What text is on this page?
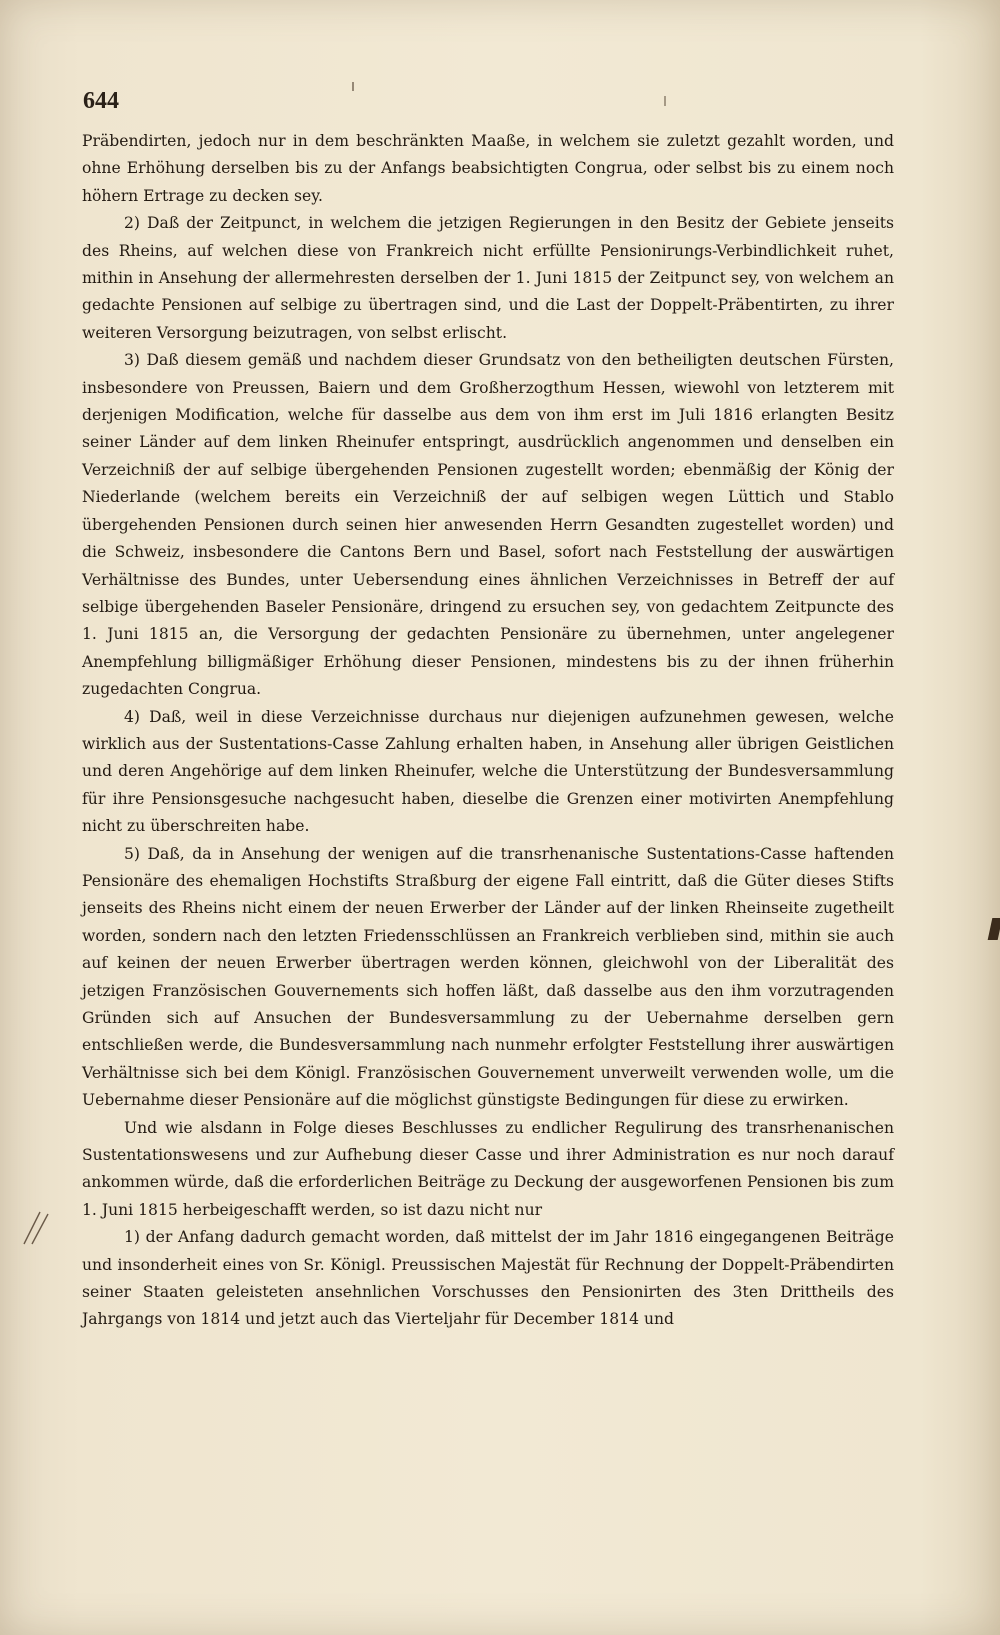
644

Präbendirten, jedoch nur in dem beschränkten Maaße, in welchem sie zuletzt gezahlt worden, und ohne Erhöhung derselben bis zu der Anfangs beabsichtigten Congrua, oder selbst bis zu einem noch höhern Ertrage zu decken sey.

2) Daß der Zeitpunct, in welchem die jetzigen Regierungen in den Besitz der Gebiete jenseits des Rheins, auf welchen diese von Frankreich nicht erfüllte Pensionirungs-Verbindlichkeit ruhet, mithin in Ansehung der allermehresten derselben der 1. Juni 1815 der Zeitpunct sey, von welchem an gedachte Pensionen auf selbige zu übertragen sind, und die Last der Doppelt-Präbentirten, zu ihrer weiteren Versorgung beizutragen, von selbst erlischt.

3) Daß diesem gemäß und nachdem dieser Grundsatz von den betheiligten deutschen Fürsten, insbesondere von Preussen, Baiern und dem Großherzogthum Hessen, wiewohl von letzterem mit derjenigen Modification, welche für dasselbe aus dem von ihm erst im Juli 1816 erlangten Besitz seiner Länder auf dem linken Rheinufer entspringt, ausdrücklich angenommen und denselben ein Verzeichniß der auf selbige übergehenden Pensionen zugestellt worden; ebenmäßig der König der Niederlande (welchem bereits ein Verzeichniß der auf selbigen wegen Lüttich und Stablo übergehenden Pensionen durch seinen hier anwesenden Herrn Gesandten zugestellet worden) und die Schweiz, insbesondere die Cantons Bern und Basel, sofort nach Feststellung der auswärtigen Verhältnisse des Bundes, unter Uebersendung eines ähnlichen Verzeichnisses in Betreff der auf selbige übergehenden Baseler Pensionäre, dringend zu ersuchen sey, von gedachtem Zeitpuncte des 1. Juni 1815 an, die Versorgung der gedachten Pensionäre zu übernehmen, unter angelegener Anempfehlung billigmäßiger Erhöhung dieser Pensionen, mindestens bis zu der ihnen früherhin zugedachten Congrua.

4) Daß, weil in diese Verzeichnisse durchaus nur diejenigen aufzunehmen gewesen, welche wirklich aus der Sustentations-Casse Zahlung erhalten haben, in Ansehung aller übrigen Geistlichen und deren Angehörige auf dem linken Rheinufer, welche die Unterstützung der Bundesversammlung für ihre Pensionsgesuche nachgesucht haben, dieselbe die Grenzen einer motivirten Anempfehlung nicht zu überschreiten habe.

5) Daß, da in Ansehung der wenigen auf die transrhenanische Sustentations-Casse haftenden Pensionäre des ehemaligen Hochstifts Straßburg der eigene Fall eintritt, daß die Güter dieses Stifts jenseits des Rheins nicht einem der neuen Erwerber der Länder auf der linken Rheinseite zugetheilt worden, sondern nach den letzten Friedensschlüssen an Frankreich verblieben sind, mithin sie auch auf keinen der neuen Erwerber übertragen werden können, gleichwohl von der Liberalität des jetzigen Französischen Gouvernements sich hoffen läßt, daß dasselbe aus den ihm vorzutragenden Gründen sich auf Ansuchen der Bundesversammlung zu der Uebernahme derselben gern entschließen werde, die Bundesversammlung nach nunmehr erfolgter Feststellung ihrer auswärtigen Verhältnisse sich bei dem Königl. Französischen Gouvernement unverweilt verwenden wolle, um die Uebernahme dieser Pensionäre auf die möglichst günstigste Bedingungen für diese zu erwirken.

Und wie alsdann in Folge dieses Beschlusses zu endlicher Regulirung des transrhenanischen Sustentationswesens und zur Aufhebung dieser Casse und ihrer Administration es nur noch darauf ankommen würde, daß die erforderlichen Beiträge zu Deckung der ausgeworfenen Pensionen bis zum 1. Juni 1815 herbeigeschafft werden, so ist dazu nicht nur

1) der Anfang dadurch gemacht worden, daß mittelst der im Jahr 1816 eingegangenen Beiträge und insonderheit eines von Sr. Königl. Preussischen Majestät für Rechnung der Doppelt-Präbendirten seiner Staaten geleisteten ansehnlichen Vorschusses den Pensionirten des 3ten Drittheils des Jahrgangs von 1814 und jetzt auch das Vierteljahr für December 1814 und
